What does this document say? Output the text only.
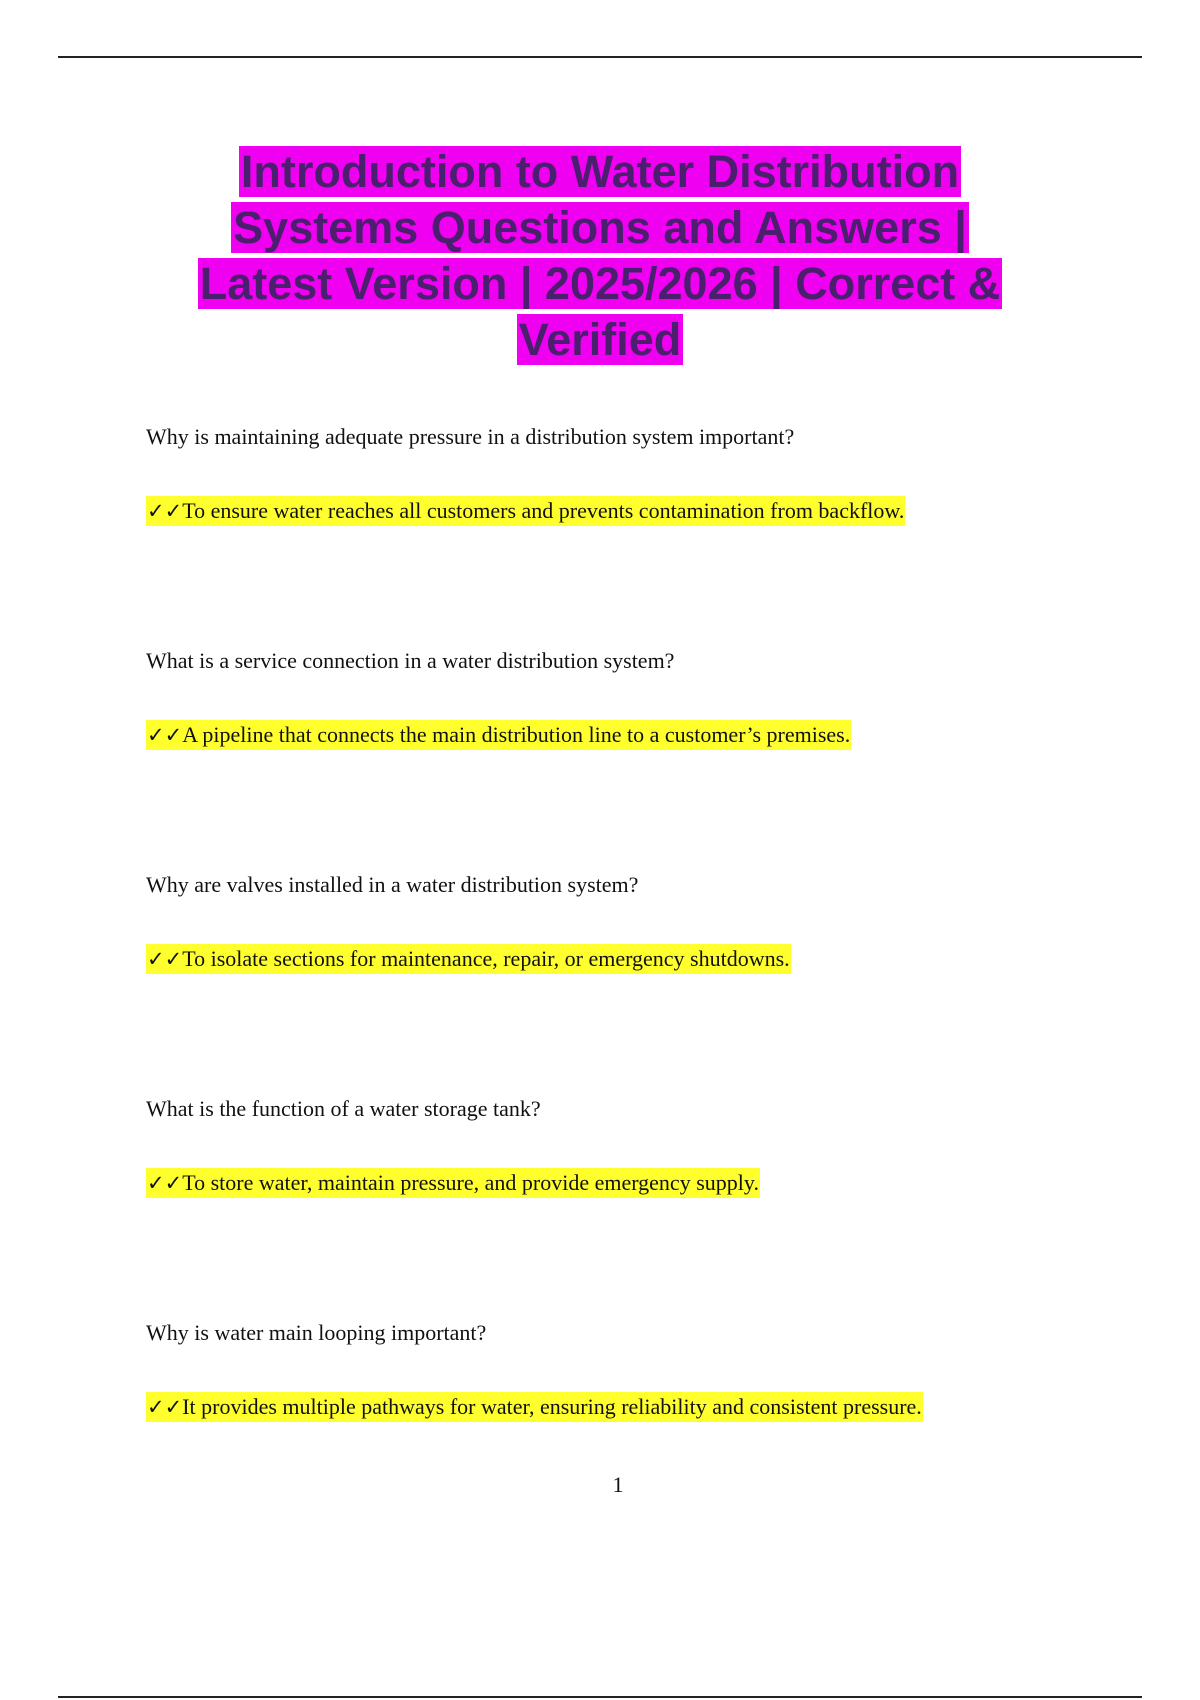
Introduction to Water Distribution
Systems Questions and Answers |
Latest Version | 2025/2026 | Correct &
Verified

Why is maintaining adequate pressure in a distribution system important?

✓✓To ensure water reaches all customers and prevents contamination from backflow.

What is a service connection in a water distribution system?

✓✓A pipeline that connects the main distribution line to a customer’s premises.

Why are valves installed in a water distribution system?

✓✓To isolate sections for maintenance, repair, or emergency shutdowns.

What is the function of a water storage tank?

✓✓To store water, maintain pressure, and provide emergency supply.

Why is water main looping important?

✓✓It provides multiple pathways for water, ensuring reliability and consistent pressure.

1
